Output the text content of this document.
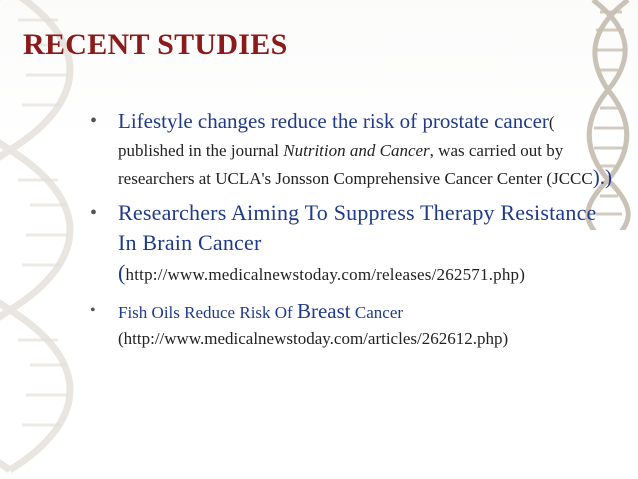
RECENT STUDIES
• Lifestyle changes reduce the risk of prostate cancer( published in the journal Nutrition and Cancer, was carried out by researchers at UCLA's Jonsson Comprehensive Cancer Center (JCCC).)
• Researchers Aiming To Suppress Therapy Resistance In Brain Cancer (http://www.medicalnewstoday.com/releases/262571.php)
• Fish Oils Reduce Risk Of Breast Cancer
(http://www.medicalnewstoday.com/articles/262612.php)
